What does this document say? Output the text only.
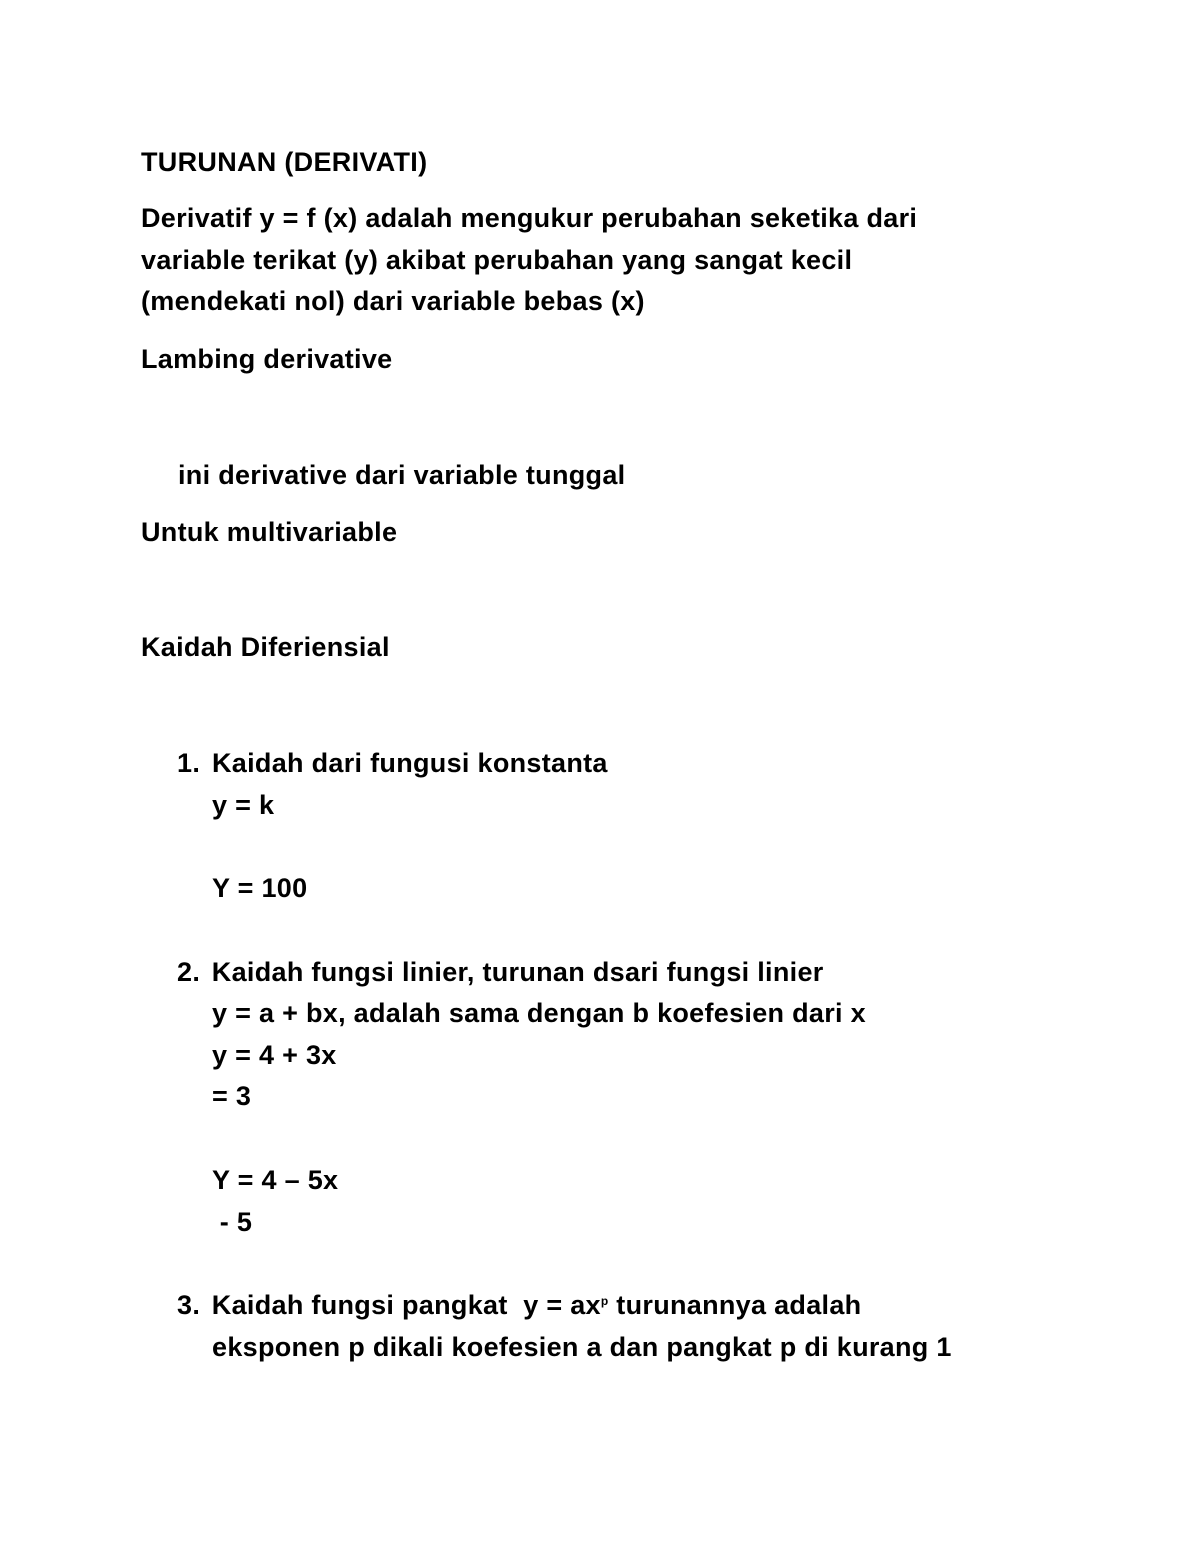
TURUNAN (DERIVATI)
Derivatif y = f (x) adalah mengukur perubahan seketika dari
variable terikat (y) akibat perubahan yang sangat kecil
(mendekati nol) dari variable bebas (x)
Lambing derivative
ini derivative dari variable tunggal
Untuk multivariable
Kaidah Diferiensial
1. Kaidah dari fungusi konstanta
y = k
Y = 100
2. Kaidah fungsi linier, turunan dsari fungsi linier
y = a + bx, adalah sama dengan b koefesien dari x
y = 4 + 3x
= 3
Y = 4 – 5x
- 5
3. Kaidah fungsi pangkat  $y = ax^p$ turunannya adalah
eksponen p dikali koefesien a dan pangkat p di kurang 1
